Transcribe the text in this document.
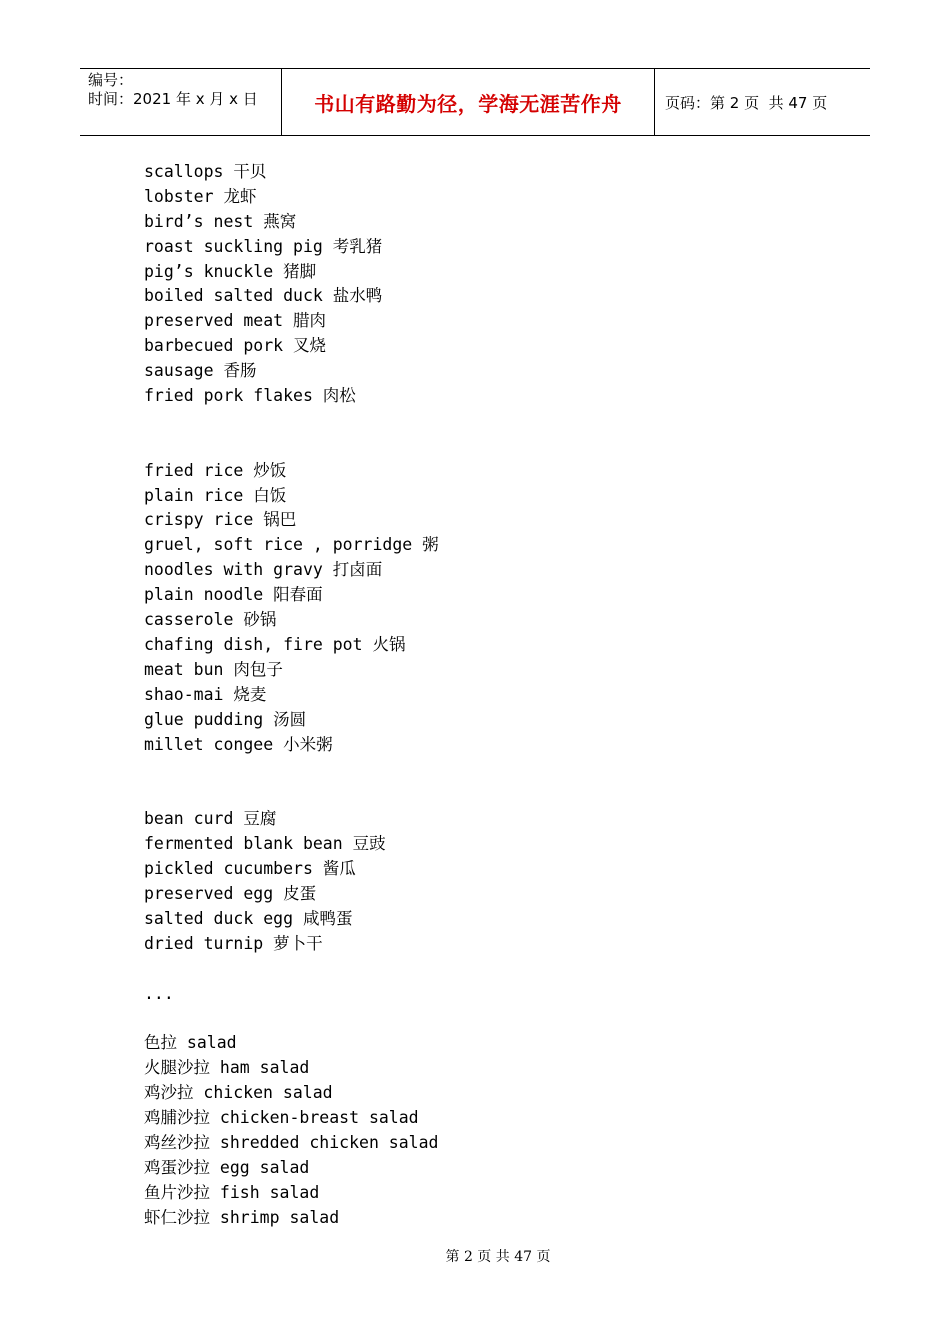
编号：
时间：2021 年 x 月 x 日	书山有路勤为径，学海无涯苦作舟	页码：第 2 页  共 47 页
scallops 干贝
lobster 龙虾
bird’s nest 燕窝
roast suckling pig 考乳猪
pig’s knuckle 猪脚
boiled salted duck 盐水鸭
preserved meat 腊肉
barbecued pork 叉烧
sausage 香肠
fried pork flakes 肉松
fried rice 炒饭
plain rice 白饭
crispy rice 锅巴
gruel, soft rice , porridge 粥
noodles with gravy 打卤面
plain noodle 阳春面
casserole 砂锅
chafing dish, fire pot 火锅
meat bun 肉包子
shao-mai 烧麦
glue pudding 汤圆
millet congee 小米粥
bean curd 豆腐
fermented blank bean 豆豉
pickled cucumbers 酱瓜
preserved egg 皮蛋
salted duck egg 咸鸭蛋
dried turnip 萝卜干
...
色拉 salad
火腿沙拉 ham salad
鸡沙拉 chicken salad
鸡脯沙拉 chicken-breast salad
鸡丝沙拉 shredded chicken salad
鸡蛋沙拉 egg salad
鱼片沙拉 fish salad
虾仁沙拉 shrimp salad
第 2 页 共 47 页
